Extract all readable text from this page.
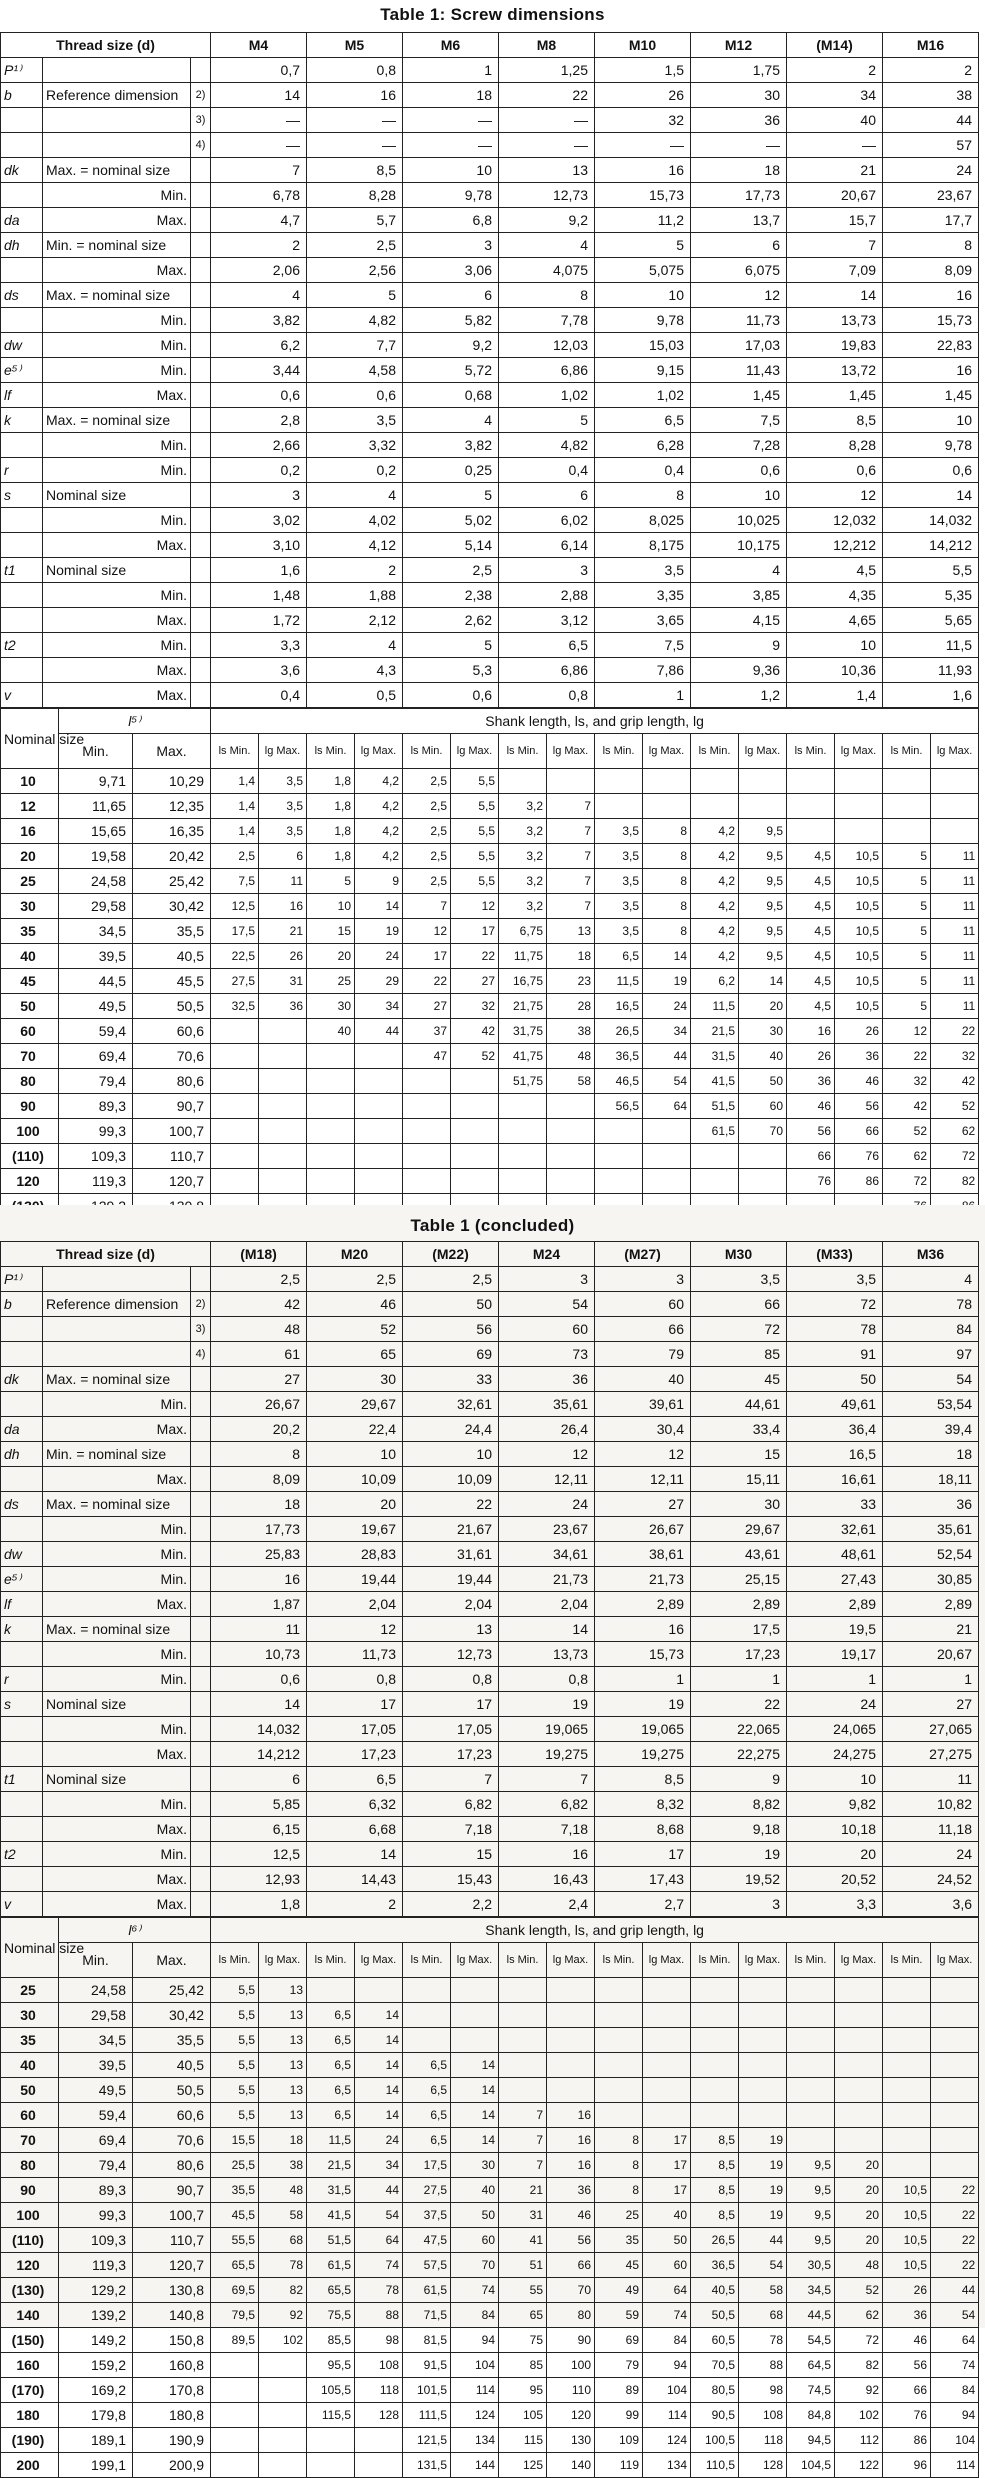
Table 1: Screw dimensions
Thread size (d)			M4	M5	M6	M8	M10	M12	(M14)	M16
P¹⁾			0,7	0,8	1	1,25	1,5	1,75	2	2
b	Reference dimension	2)	14	16	18	22	26	30	34	38
		3)	—	—	—	—	32	36	40	44
		4)	—	—	—	—	—	—	—	57
dk	Max. = nominal size		7	8,5	10	13	16	18	21	24
	Min.		6,78	8,28	9,78	12,73	15,73	17,73	20,67	23,67
da	Max.		4,7	5,7	6,8	9,2	11,2	13,7	15,7	17,7
dh	Min. = nominal size		2	2,5	3	4	5	6	7	8
	Max.		2,06	2,56	3,06	4,075	5,075	6,075	7,09	8,09
ds	Max. = nominal size		4	5	6	8	10	12	14	16
	Min.		3,82	4,82	5,82	7,78	9,78	11,73	13,73	15,73
dw	Min.		6,2	7,7	9,2	12,03	15,03	17,03	19,83	22,83
e⁵⁾	Min.		3,44	4,58	5,72	6,86	9,15	11,43	13,72	16
lf	Max.		0,6	0,6	0,68	1,02	1,02	1,45	1,45	1,45
k	Max. = nominal size		2,8	3,5	4	5	6,5	7,5	8,5	10
	Min.		2,66	3,32	3,82	4,82	6,28	7,28	8,28	9,78
r	Min.		0,2	0,2	0,25	0,4	0,4	0,6	0,6	0,6
s	Nominal size		3	4	5	6	8	10	12	14
	Min.		3,02	4,02	5,02	6,02	8,025	10,025	12,032	14,032
	Max.		3,10	4,12	5,14	6,14	8,175	10,175	12,212	14,212
t1	Nominal size		1,6	2	2,5	3	3,5	4	4,5	5,5
	Min.		1,48	1,88	2,38	2,88	3,35	3,85	4,35	5,35
	Max.		1,72	2,12	2,62	3,12	3,65	4,15	4,65	5,65
t2	Min.		3,3	4	5	6,5	7,5	9	10	11,5
	Max.		3,6	4,3	5,3	6,86	7,86	9,36	10,36	11,93
v	Max.		0,4	0,5	0,6	0,8	1	1,2	1,4	1,6
Nominal size	l⁵⁾		Shank length, ls, and grip length, lg															
	Min.	Max.	ls Min.	lg Max.	ls Min.	lg Max.	ls Min.	lg Max.	ls Min.	lg Max.	ls Min.	lg Max.	ls Min.	lg Max.	ls Min.	lg Max.	ls Min.	lg Max.
10	9,71	10,29	1,4	3,5	1,8	4,2	2,5	5,5										
12	11,65	12,35	1,4	3,5	1,8	4,2	2,5	5,5	3,2	7								
16	15,65	16,35	1,4	3,5	1,8	4,2	2,5	5,5	3,2	7	3,5	8	4,2	9,5				
20	19,58	20,42	2,5	6	1,8	4,2	2,5	5,5	3,2	7	3,5	8	4,2	9,5	4,5	10,5	5	11
25	24,58	25,42	7,5	11	5	9	2,5	5,5	3,2	7	3,5	8	4,2	9,5	4,5	10,5	5	11
30	29,58	30,42	12,5	16	10	14	7	12	3,2	7	3,5	8	4,2	9,5	4,5	10,5	5	11
35	34,5	35,5	17,5	21	15	19	12	17	6,75	13	3,5	8	4,2	9,5	4,5	10,5	5	11
40	39,5	40,5	22,5	26	20	24	17	22	11,75	18	6,5	14	4,2	9,5	4,5	10,5	5	11
45	44,5	45,5	27,5	31	25	29	22	27	16,75	23	11,5	19	6,2	14	4,5	10,5	5	11
50	49,5	50,5	32,5	36	30	34	27	32	21,75	28	16,5	24	11,5	20	4,5	10,5	5	11
60	59,4	60,6			40	44	37	42	31,75	38	26,5	34	21,5	30	16	26	12	22
70	69,4	70,6					47	52	41,75	48	36,5	44	31,5	40	26	36	22	32
80	79,4	80,6							51,75	58	46,5	54	41,5	50	36	46	32	42
90	89,3	90,7									56,5	64	51,5	60	46	56	42	52
100	99,3	100,7											61,5	70	56	66	52	62
(110)	109,3	110,7													66	76	62	72
120	119,3	120,7													76	86	72	82

Table 1 (concluded)
Thread size (d)			(M18)	M20	(M22)	M24	(M27)	M30	(M33)	M36
P¹⁾			2,5	2,5	2,5	3	3	3,5	3,5	4
b	Reference dimension	2)	42	46	50	54	60	66	72	78
		3)	48	52	56	60	66	72	78	84
		4)	61	65	69	73	79	85	91	97
dk	Max. = nominal size		27	30	33	36	40	45	50	54
	Min.		26,67	29,67	32,61	35,61	39,61	44,61	49,61	53,54
da	Max.		20,2	22,4	24,4	26,4	30,4	33,4	36,4	39,4
dh	Min. = nominal size		8	10	10	12	12	15	16,5	18
	Max.		8,09	10,09	10,09	12,11	12,11	15,11	16,61	18,11
ds	Max. = nominal size		18	20	22	24	27	30	33	36
	Min.		17,73	19,67	21,67	23,67	26,67	29,67	32,61	35,61
dw	Min.		25,83	28,83	31,61	34,61	38,61	43,61	48,61	52,54
e⁵⁾	Min.		16	19,44	19,44	21,73	21,73	25,15	27,43	30,85
lf	Max.		1,87	2,04	2,04	2,04	2,89	2,89	2,89	2,89
k	Max. = nominal size		11	12	13	14	16	17,5	19,5	21
	Min.		10,73	11,73	12,73	13,73	15,73	17,23	19,17	20,67
r	Min.		0,6	0,8	0,8	0,8	1	1	1	1
s	Nominal size		14	17	17	19	19	22	24	27
	Min.		14,032	17,05	17,05	19,065	19,065	22,065	24,065	27,065
	Max.		14,212	17,23	17,23	19,275	19,275	22,275	24,275	27,275
t1	Nominal size		6	6,5	7	7	8,5	9	10	11
	Min.		5,85	6,32	6,82	6,82	8,32	8,82	9,82	10,82
	Max.		6,15	6,68	7,18	7,18	8,68	9,18	10,18	11,18
t2	Min.		12,5	14	15	16	17	19	20	24
	Max.		12,93	14,43	15,43	16,43	17,43	19,52	20,52	24,52
v	Max.		1,8	2	2,2	2,4	2,7	3	3,3	3,6
Nominal size	l⁶⁾		Shank length, ls, and grip length, lg															
	Min.	Max.	ls Min.	lg Max.	ls Min.	lg Max.	ls Min.	lg Max.	ls Min.	lg Max.	ls Min.	lg Max.	ls Min.	lg Max.	ls Min.	lg Max.	ls Min.	lg Max.
25	24,58	25,42	5,5	13														
30	29,58	30,42	5,5	13	6,5	14												
35	34,5	35,5	5,5	13	6,5	14												
40	39,5	40,5	5,5	13	6,5	14	6,5	14										
50	49,5	50,5	5,5	13	6,5	14	6,5	14										
60	59,4	60,6	5,5	13	6,5	14	6,5	14	7	16								
70	69,4	70,6	15,5	18	11,5	24	6,5	14	7	16	8	17	8,5	19				
80	79,4	80,6	25,5	38	21,5	34	17,5	30	7	16	8	17	8,5	19	9,5	20		
90	89,3	90,7	35,5	48	31,5	44	27,5	40	21	36	8	17	8,5	19	9,5	20	10,5	22
100	99,3	100,7	45,5	58	41,5	54	37,5	50	31	46	25	40	8,5	19	9,5	20	10,5	22
(110)	109,3	110,7	55,5	68	51,5	64	47,5	60	41	56	35	50	26,5	44	9,5	20	10,5	22
120	119,3	120,7	65,5	78	61,5	74	57,5	70	51	66	45	60	36,5	54	30,5	48	10,5	22
(130)	129,2	130,8	69,5	82	65,5	78	61,5	74	55	70	49	64	40,5	58	34,5	52	26	44
140	139,2	140,8	79,5	92	75,5	88	71,5	84	65	80	59	74	50,5	68	44,5	62	36	54
(150)	149,2	150,8	89,5	102	85,5	98	81,5	94	75	90	69	84	60,5	78	54,5	72	46	64
160	159,2	160,8			95,5	108	91,5	104	85	100	79	94	70,5	88	64,5	82	56	74
(170)	169,2	170,8			105,5	118	101,5	114	95	110	89	104	80,5	98	74,5	92	66	84
180	179,8	180,8			115,5	128	111,5	124	105	120	99	114	90,5	108	84,8	102	76	94
(190)	189,1	190,9					121,5	134	115	130	109	124	100,5	118	94,5	112	86	104
200	199,1	200,9					131,5	144	125	140	119	134	110,5	128	104,5	122	96	114
